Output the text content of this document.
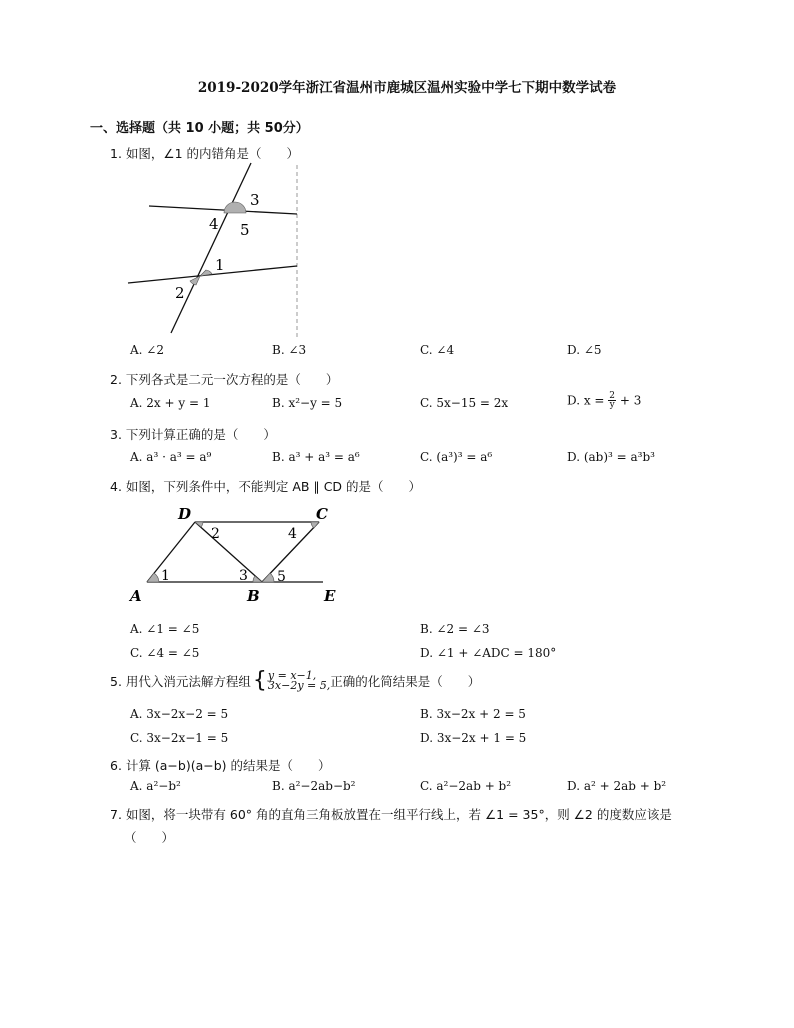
2019-2020学年浙江省温州市鹿城区温州实验中学七下期中数学试卷
一、选择题（共 10 小题；共 50分）
1. 如图，∠1 的内错角是（　　）
3
4 5
1
2
A. ∠2	B. ∠3	C. ∠4	D. ∠5
2. 下列各式是二元一次方程的是（　　）
A. 2x + y = 1	B. x²−y = 5	C. 5x−15 = 2x	D. $x = \frac{2}{y} + 3$
3. 下列计算正确的是（　　）
A. a³ · a³ = a⁹	B. a³ + a³ = a⁶	C. (a³)³ = a⁶	D. (ab)³ = a³b³
4. 如图，下列条件中，不能判定 AB ∥ CD 的是（　　）
D	C
A	B	E
1
2
3
4
5
A. ∠1 = ∠5	B. ∠2 = ∠3
C. ∠4 = ∠5	D. ∠1 + ∠ADC = 180°
5. 用代入消元法解方程组 { y = x−1,
3x−2y = 5, 正确的化简结果是（　　）
A. 3x−2x−2 = 5	B. 3x−2x + 2 = 5
C. 3x−2x−1 = 5	D. 3x−2x + 1 = 5
6. 计算 (a−b)(a−b) 的结果是（　　）
A. a²−b²	B. a²−2ab−b²	C. a²−2ab + b²	D. a² + 2ab + b²
7. 如图，将一块带有 60° 角的直角三角板放置在一组平行线上，若 ∠1 = 35°，则 ∠2 的度数应该是
（　　）
